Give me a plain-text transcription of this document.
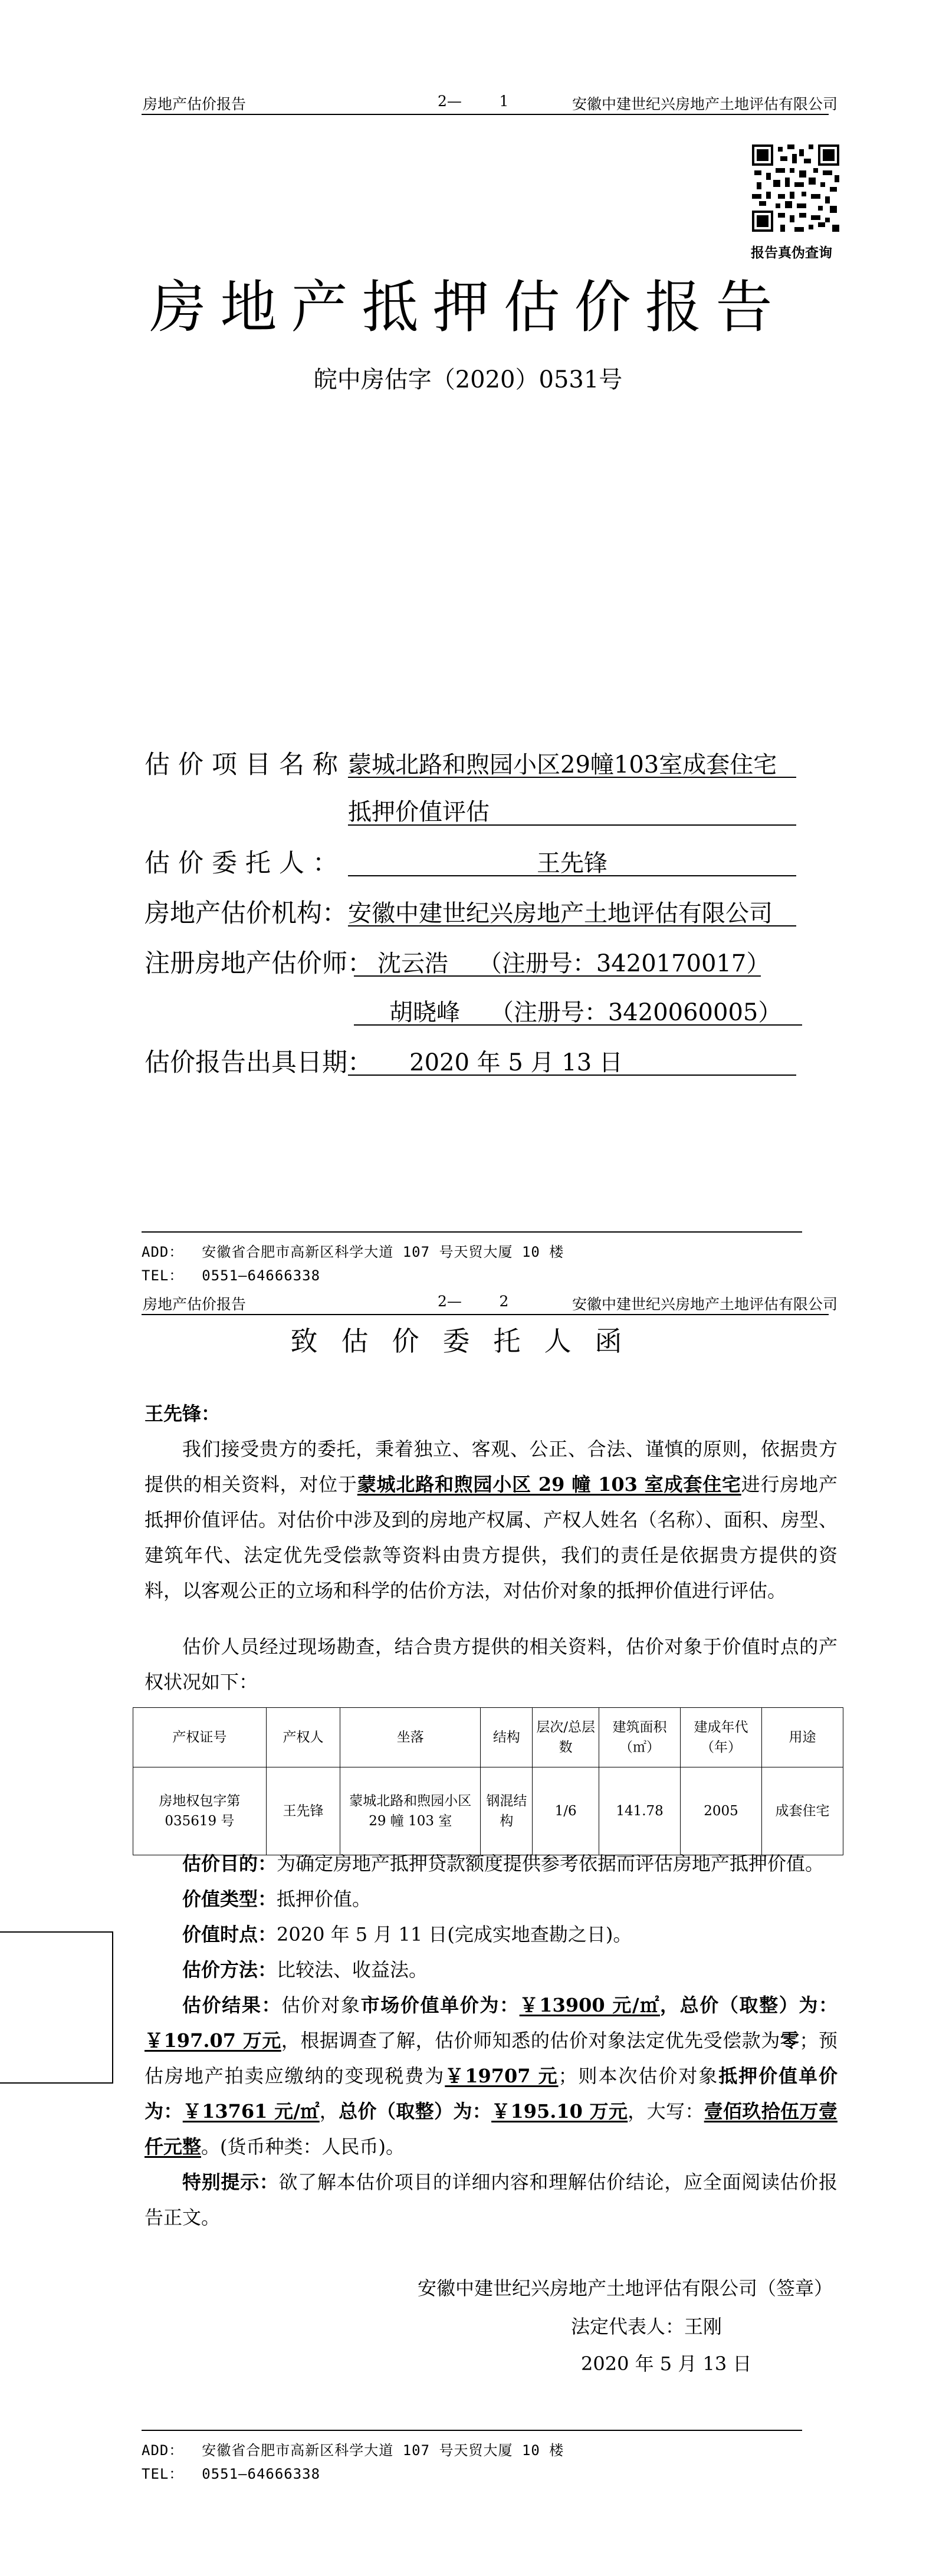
房地产估价报告	2—        1	安徽中建世纪兴房地产土地评估有限公司
报告真伪查询
房地产抵押估价报告
皖中房估字（2020）0531号
估价项目名称：
蒙城北路和煦园小区29幢103室成套住宅
抵押价值评估
估价委托人：	王先锋
房地产估价机构： 安徽中建世纪兴房地产土地评估有限公司
注册房地产估价师： 沈云浩    （注册号：3420170017）
胡晓峰    （注册号：3420060005）
估价报告出具日期：	2020 年 5 月 13 日
ADD：  安徽省合肥市高新区科学大道 107 号天贸大厦 10 楼
TEL：  0551—64666338
房地产估价报告	2—        2	安徽中建世纪兴房地产土地评估有限公司
致估价委托人函
王先锋：
我们接受贵方的委托，秉着独立、客观、公正、合法、谨慎的原则，依据贵方提供的相关资料，对位于蒙城北路和煦园小区 29 幢 103 室成套住宅进行房地产抵押价值评估。对估价中涉及到的房地产权属、产权人姓名（名称）、面积、房型、建筑年代、法定优先受偿款等资料由贵方提供，我们的责任是依据贵方提供的资料，以客观公正的立场和科学的估价方法，对估价对象的抵押价值进行评估。
估价人员经过现场勘查，结合贵方提供的相关资料，估价对象于价值时点的产权状况如下：
产权证号	产权人	坐落	结构	层次/总层数	建筑面积（㎡）	建成年代（年）	用途
房地权包字第 035619 号	王先锋	蒙城北路和煦园小区 29 幢 103 室	钢混结构	1/6	141.78	2005	成套住宅
估价目的：为确定房地产抵押贷款额度提供参考依据而评估房地产抵押价值。
价值类型：抵押价值。
价值时点：2020 年 5 月 11 日(完成实地查勘之日)。
估价方法：比较法、收益法。
估价结果：估价对象市场价值单价为：￥13900 元/㎡，总价（取整）为：￥197.07 万元，根据调查了解，估价师知悉的估价对象法定优先受偿款为零；预估房地产拍卖应缴纳的变现税费为￥19707 元；则本次估价对象抵押价值单价为：￥13761 元/㎡，总价（取整）为：￥195.10 万元，大写：壹佰玖拾伍万壹仟元整。(货币种类：人民币)。
特别提示：欲了解本估价项目的详细内容和理解估价结论，应全面阅读估价报告正文。
安徽中建世纪兴房地产土地评估有限公司（签章）
法定代表人：王刚
2020 年 5 月 13 日
ADD：  安徽省合肥市高新区科学大道 107 号天贸大厦 10 楼
TEL：  0551—64666338
